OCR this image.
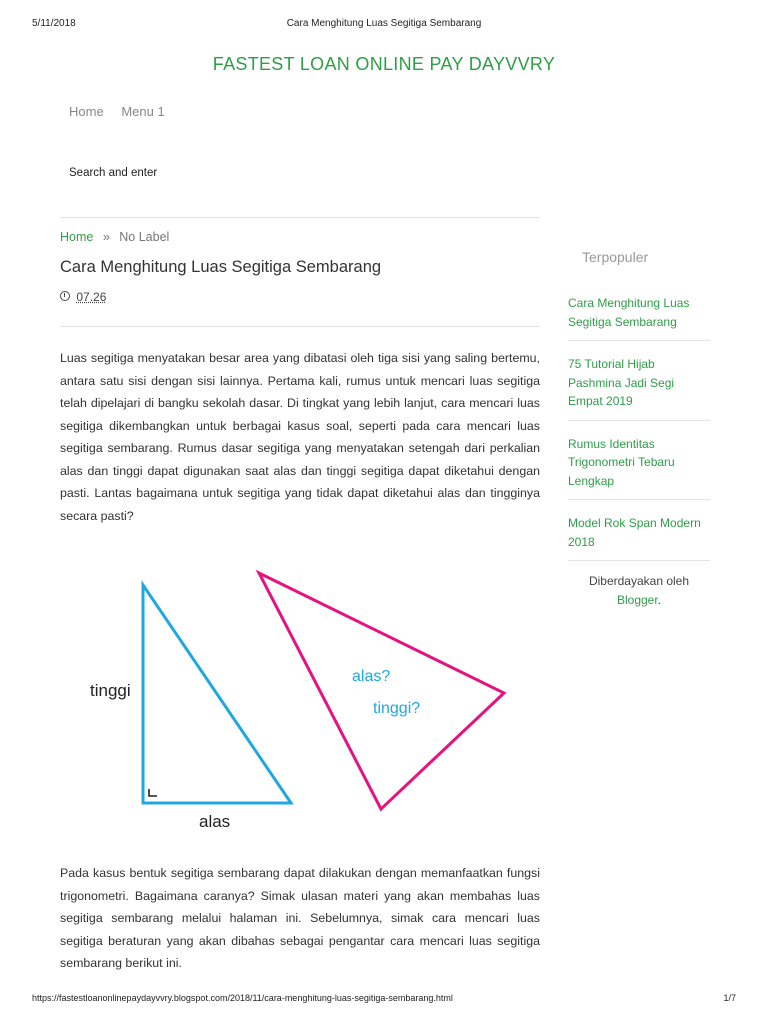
5/11/2018	Cara Menghitung Luas Segitiga Sembarang
FASTEST LOAN ONLINE PAY DAYVVRY
Home Menu 1
Search and enter
Home » No Label
Cara Menghitung Luas Segitiga Sembarang
07.26
Luas segitiga menyatakan besar area yang dibatasi oleh tiga sisi yang saling bertemu, antara satu sisi dengan sisi lainnya. Pertama kali, rumus untuk mencari luas segitiga telah dipelajari di bangku sekolah dasar. Di tingkat yang lebih lanjut, cara mencari luas segitiga dikembangkan untuk berbagai kasus soal, seperti pada cara mencari luas segitiga sembarang. Rumus dasar segitiga yang menyatakan setengah dari perkalian alas dan tinggi dapat digunakan saat alas dan tinggi segitiga dapat diketahui dengan pasti. Lantas bagaimana untuk segitiga yang tidak dapat diketahui alas dan tingginya secara pasti?
tinggi
alas
alas?
tinggi?
Pada kasus bentuk segitiga sembarang dapat dilakukan dengan memanfaatkan fungsi trigonometri. Bagaimana caranya? Simak ulasan materi yang akan membahas luas segitiga sembarang melalui halaman ini. Sebelumnya, simak cara mencari luas segitiga beraturan yang akan dibahas sebagai pengantar cara mencari luas segitiga sembarang berikut ini.
Terpopuler
Cara Menghitung Luas Segitiga Sembarang
75 Tutorial Hijab Pashmina Jadi Segi Empat 2019
Rumus Identitas Trigonometri Tebaru Lengkap
Model Rok Span Modern 2018
Diberdayakan oleh
Blogger.
https://fastestloanonlinepaydayvvry.blogspot.com/2018/11/cara-menghitung-luas-segitiga-sembarang.html	1/7
